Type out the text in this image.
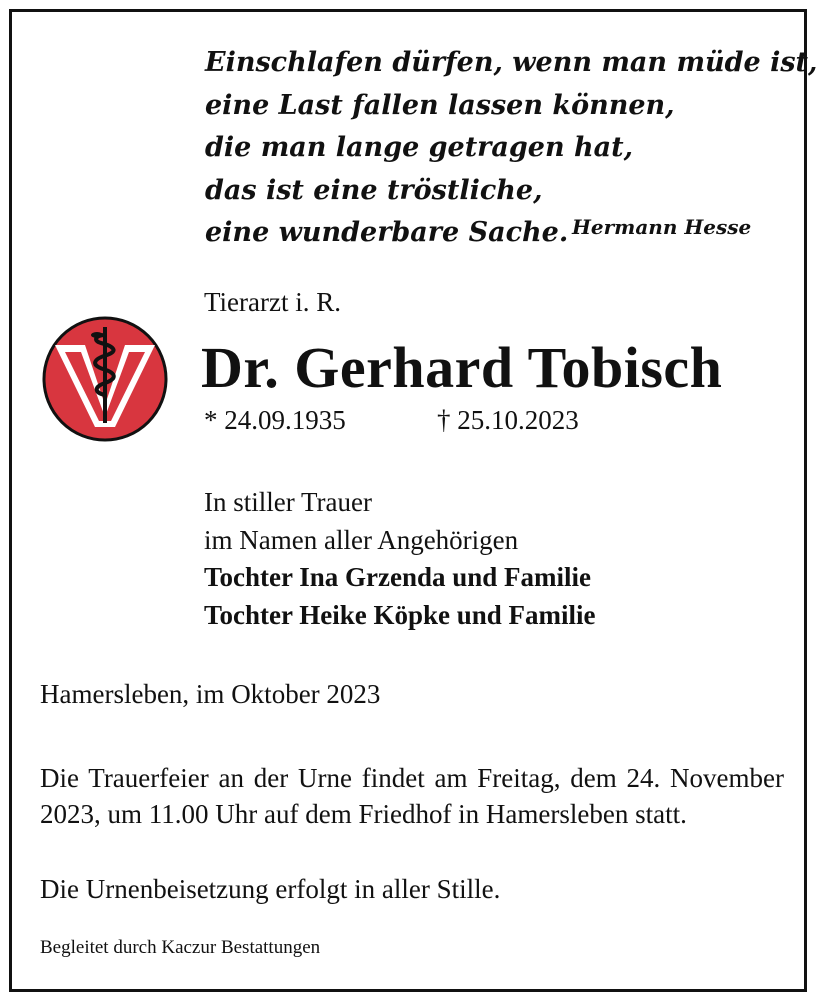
Einschlafen dürfen, wenn man müde ist,
eine Last fallen lassen können,
die man lange getragen hat,
das ist eine tröstliche,
eine wunderbare Sache. Hermann Hesse
Tierarzt i. R.
Dr. Gerhard Tobisch
* 24.09.1935	† 25.10.2023
In stiller Trauer
im Namen aller Angehörigen
Tochter Ina Grzenda und Familie
Tochter Heike Köpke und Familie
Hamersleben, im Oktober 2023
Die Trauerfeier an der Urne findet am Freitag, dem 24. November 2023, um 11.00 Uhr auf dem Friedhof in Hamersleben statt.
Die Urnenbeisetzung erfolgt in aller Stille.
Begleitet durch Kaczur Bestattungen
